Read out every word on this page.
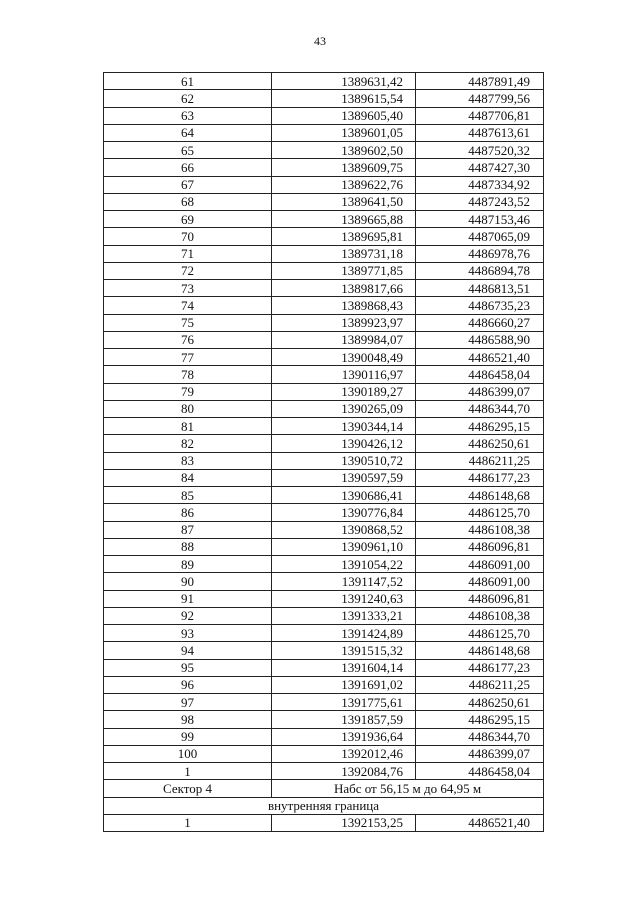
43
61	1389631,42	4487891,49
62	1389615,54	4487799,56
63	1389605,40	4487706,81
64	1389601,05	4487613,61
65	1389602,50	4487520,32
66	1389609,75	4487427,30
67	1389622,76	4487334,92
68	1389641,50	4487243,52
69	1389665,88	4487153,46
70	1389695,81	4487065,09
71	1389731,18	4486978,76
72	1389771,85	4486894,78
73	1389817,66	4486813,51
74	1389868,43	4486735,23
75	1389923,97	4486660,27
76	1389984,07	4486588,90
77	1390048,49	4486521,40
78	1390116,97	4486458,04
79	1390189,27	4486399,07
80	1390265,09	4486344,70
81	1390344,14	4486295,15
82	1390426,12	4486250,61
83	1390510,72	4486211,25
84	1390597,59	4486177,23
85	1390686,41	4486148,68
86	1390776,84	4486125,70
87	1390868,52	4486108,38
88	1390961,10	4486096,81
89	1391054,22	4486091,00
90	1391147,52	4486091,00
91	1391240,63	4486096,81
92	1391333,21	4486108,38
93	1391424,89	4486125,70
94	1391515,32	4486148,68
95	1391604,14	4486177,23
96	1391691,02	4486211,25
97	1391775,61	4486250,61
98	1391857,59	4486295,15
99	1391936,64	4486344,70
100	1392012,46	4486399,07
1	1392084,76	4486458,04
Сектор 4	Набс от 56,15 м до 64,95 м	
внутренняя граница		
1	1392153,25	4486521,40
